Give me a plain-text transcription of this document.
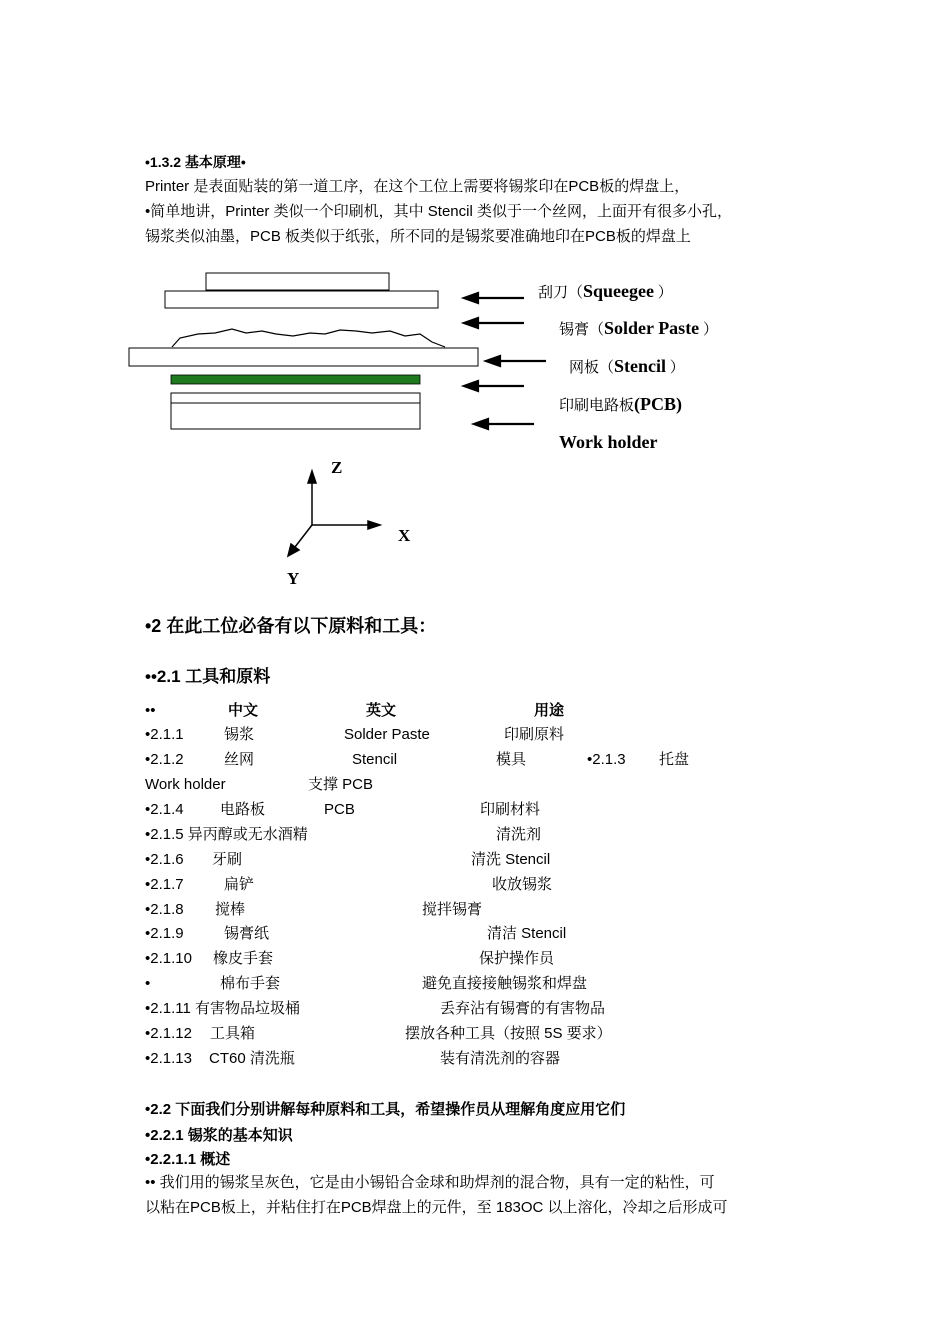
•1.3.2 基本原理•
Printer 是表面贴装的第一道工序，在这个工位上需要将锡浆印在PCB板的焊盘上，
•简单地讲，Printer 类似一个印刷机，其中 Stencil 类似于一个丝网，上面开有很多小孔，
锡浆类似油墨，PCB 板类似于纸张，所不同的是锡浆要准确地印在PCB板的焊盘上
刮刀（Squeegee ）
锡膏（Solder Paste ）
网板（Stencil ）
印刷电路板(PCB)
Work holder
Z
X
Y
•2 在此工位必备有以下原料和工具：
••2.1 工具和原料
••	中文	英文	用途
•2.1.1	锡浆	Solder Paste	印刷原料
•2.1.2	丝网	Stencil	模具	•2.1.3 托盘
Work holder	支撑 PCB
•2.1.4 电路板	PCB	印刷材料
•2.1.5 异丙醇或无水酒精	清洗剂
•2.1.6 牙刷	清洗 Stencil
•2.1.7	扁铲	收放锡浆
•2.1.8 搅棒	搅拌锡膏
•2.1.9	锡膏纸	清洁 Stencil
•2.1.10 橡皮手套	保护操作员
•	棉布手套	避免直接接触锡浆和焊盘
•2.1.11 有害物品垃圾桶	丢弃沾有锡膏的有害物品
•2.1.12 工具箱	摆放各种工具（按照 5S 要求）
•2.1.13 CT60 清洗瓶	装有清洗剂的容器
•2.2 下面我们分别讲解每种原料和工具，希望操作员从理解角度应用它们
•2.2.1 锡浆的基本知识
•2.2.1.1 概述
•• 我们用的锡浆呈灰色，它是由小锡铅合金球和助焊剂的混合物，具有一定的粘性，可
以粘在PCB板上，并粘住打在PCB焊盘上的元件，至 183OC 以上溶化，冷却之后形成可
